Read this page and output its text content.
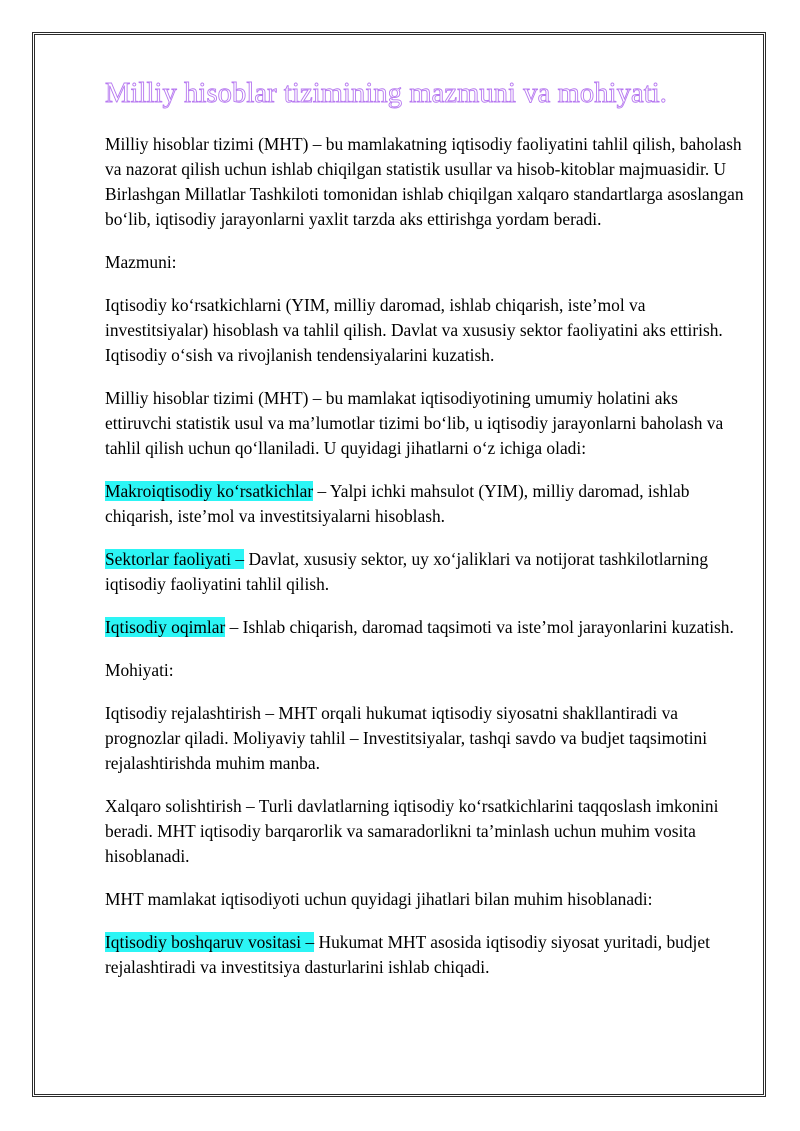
Milliy hisoblar tizimining mazmuni va mohiyati.

Milliy hisoblar tizimi (MHT) – bu mamlakatning iqtisodiy faoliyatini tahlil qilish, baholash va nazorat qilish uchun ishlab chiqilgan statistik usullar va hisob-kitoblar majmuasidir. U Birlashgan Millatlar Tashkiloti tomonidan ishlab chiqilgan xalqaro standartlarga asoslangan bo‘lib, iqtisodiy jarayonlarni yaxlit tarzda aks ettirishga yordam beradi.

Mazmuni:

Iqtisodiy ko‘rsatkichlarni (YIM, milliy daromad, ishlab chiqarish, iste’mol va investitsiyalar) hisoblash va tahlil qilish. Davlat va xususiy sektor faoliyatini aks ettirish. Iqtisodiy o‘sish va rivojlanish tendensiyalarini kuzatish.

Milliy hisoblar tizimi (MHT) – bu mamlakat iqtisodiyotining umumiy holatini aks ettiruvchi statistik usul va ma’lumotlar tizimi bo‘lib, u iqtisodiy jarayonlarni baholash va tahlil qilish uchun qo‘llaniladi. U quyidagi jihatlarni o‘z ichiga oladi:

Makroiqtisodiy ko‘rsatkichlar – Yalpi ichki mahsulot (YIM), milliy daromad, ishlab chiqarish, iste’mol va investitsiyalarni hisoblash.

Sektorlar faoliyati – Davlat, xususiy sektor, uy xo‘jaliklari va notijorat tashkilotlarning iqtisodiy faoliyatini tahlil qilish.

Iqtisodiy oqimlar – Ishlab chiqarish, daromad taqsimoti va iste’mol jarayonlarini kuzatish.

Mohiyati:

Iqtisodiy rejalashtirish – MHT orqali hukumat iqtisodiy siyosatni shakllantiradi va prognozlar qiladi. Moliyaviy tahlil – Investitsiyalar, tashqi savdo va budjet taqsimotini rejalashtirishda muhim manba.

Xalqaro solishtirish – Turli davlatlarning iqtisodiy ko‘rsatkichlarini taqqoslash imkonini beradi. MHT iqtisodiy barqarorlik va samaradorlikni ta’minlash uchun muhim vosita hisoblanadi.

MHT mamlakat iqtisodiyoti uchun quyidagi jihatlari bilan muhim hisoblanadi:

Iqtisodiy boshqaruv vositasi – Hukumat MHT asosida iqtisodiy siyosat yuritadi, budjet rejalashtiradi va investitsiya dasturlarini ishlab chiqadi.
